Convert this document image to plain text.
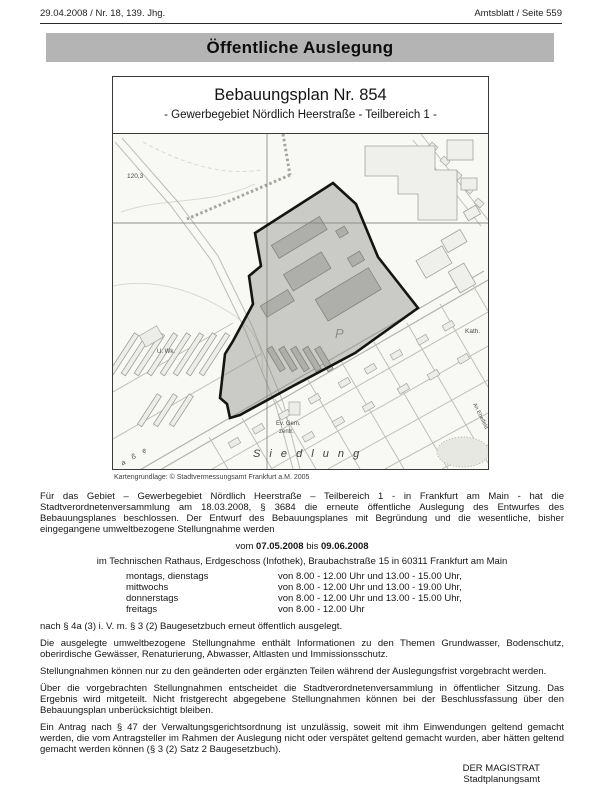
29.04.2008 / Nr. 18, 139. Jhg.	Amtsblatt / Seite 559
Öffentliche Auslegung
Bebauungsplan Nr. 854
- Gewerbegebiet Nördlich Heerstraße - Teilbereich 1 -
120,3
U. Wk.
P
Ev. Gem.
zentr.
S i e d l u n g
Kath.
An Ebelfeld
a ß e
Kartengrundlage: © Stadtvermessungsamt Frankfurt a.M. 2005

Für das Gebiet – Gewerbegebiet Nördlich Heerstraße – Teilbereich 1 - in Frankfurt am Main - hat die Stadtverordnetenversammlung am 18.03.2008, § 3684 die erneute öffentliche Auslegung des Entwurfes des Bebauungsplanes beschlossen. Der Entwurf des Bebauungsplanes mit Begründung und die wesentliche, bisher eingegangene umweltbezogene Stellungnahme werden

vom 07.05.2008 bis 09.06.2008
im Technischen Rathaus, Erdgeschoss (Infothek), Braubachstraße 15 in 60311 Frankfurt am Main
montags, dienstags	von 8.00 - 12.00 Uhr und 13.00 - 15.00 Uhr,
mittwochs	von 8.00 - 12.00 Uhr und 13.00 - 19.00 Uhr,
donnerstags	von 8.00 - 12.00 Uhr und 13.00 - 15.00 Uhr,
freitags	von 8.00 - 12.00 Uhr

nach § 4a (3) i. V. m. § 3 (2) Baugesetzbuch erneut öffentlich ausgelegt.

Die ausgelegte umweltbezogene Stellungnahme enthält Informationen zu den Themen Grundwasser, Bodenschutz, oberirdische Gewässer, Renaturierung, Abwasser, Altlasten und Immissionsschutz.

Stellungnahmen können nur zu den geänderten oder ergänzten Teilen während der Auslegungsfrist vorgebracht werden.

Über die vorgebrachten Stellungnahmen entscheidet die Stadtverordnetenversammlung in öffentlicher Sitzung. Das Ergebnis wird mitgeteilt. Nicht fristgerecht abgegebene Stellungnahmen können bei der Beschlussfassung über den Bebauungsplan unberücksichtigt bleiben.

Ein Antrag nach § 47 der Verwaltungsgerichtsordnung ist unzulässig, soweit mit ihm Einwendungen geltend gemacht werden, die vom Antragsteller im Rahmen der Auslegung nicht oder verspätet geltend gemacht wurden, aber hätten geltend gemacht werden können (§ 3 (2) Satz 2 Baugesetzbuch).

DER MAGISTRAT
Stadtplanungsamt
